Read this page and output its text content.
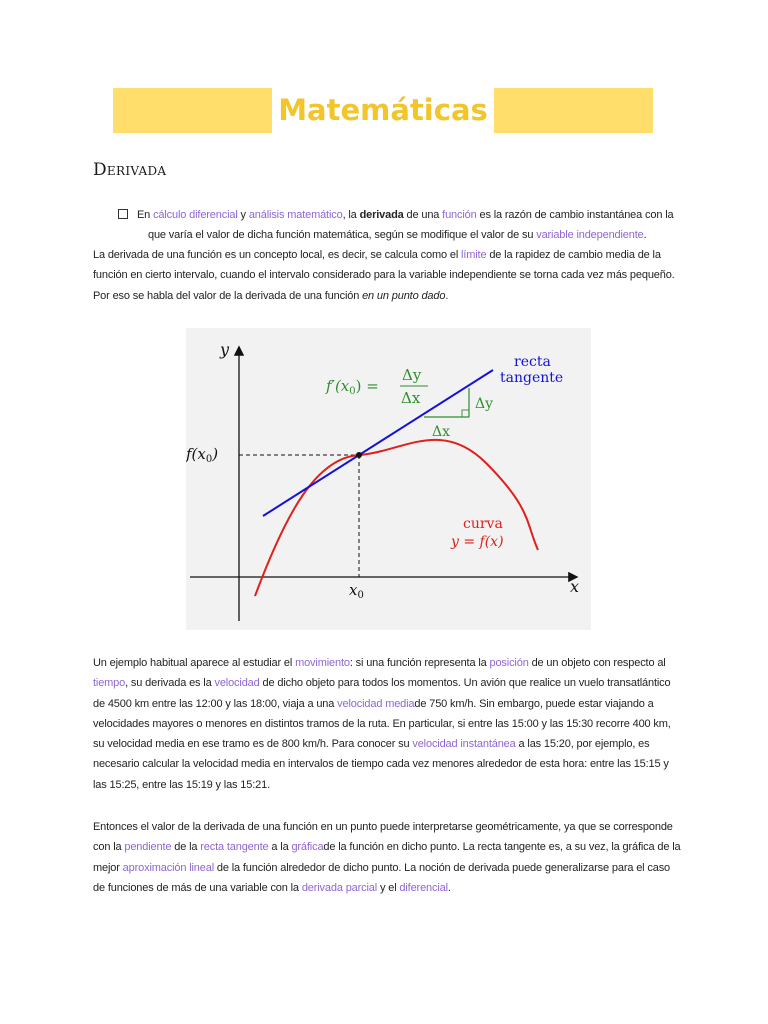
Matemáticas
Derivada
En cálculo diferencial y análisis matemático, la derivada de una función es la razón de cambio instantánea con la
que varía el valor de dicha función matemática, según se modifique el valor de su variable independiente.
La derivada de una función es un concepto local, es decir, se calcula como el límite de la rapidez de cambio media de la función en cierto intervalo, cuando el intervalo considerado para la variable independiente se torna cada vez más pequeño. Por eso se habla del valor de la derivada de una función en un punto dado.
y
x
$x_0$
$f(x_0)$
$f'(x_0)$ =
Δy
Δx	Δy
Δx
recta
tangente
curva
y = f(x)
Un ejemplo habitual aparece al estudiar el movimiento: si una función representa la posición de un objeto con respecto al tiempo, su derivada es la velocidad de dicho objeto para todos los momentos. Un avión que realice un vuelo transatlántico de 4500 km entre las 12:00 y las 18:00, viaja a una velocidad mediade 750 km/h. Sin embargo, puede estar viajando a velocidades mayores o menores en distintos tramos de la ruta. En particular, si entre las 15:00 y las 15:30 recorre 400 km, su velocidad media en ese tramo es de 800 km/h. Para conocer su velocidad instantánea a las 15:20, por ejemplo, es necesario calcular la velocidad media en intervalos de tiempo cada vez menores alrededor de esta hora: entre las 15:15 y las 15:25, entre las 15:19 y las 15:21.
Entonces el valor de la derivada de una función en un punto puede interpretarse geométricamente, ya que se corresponde con la pendiente de la recta tangente a la gráficade la función en dicho punto. La recta tangente es, a su vez, la gráfica de la mejor aproximación lineal de la función alrededor de dicho punto. La noción de derivada puede generalizarse para el caso de funciones de más de una variable con la derivada parcial y el diferencial.
